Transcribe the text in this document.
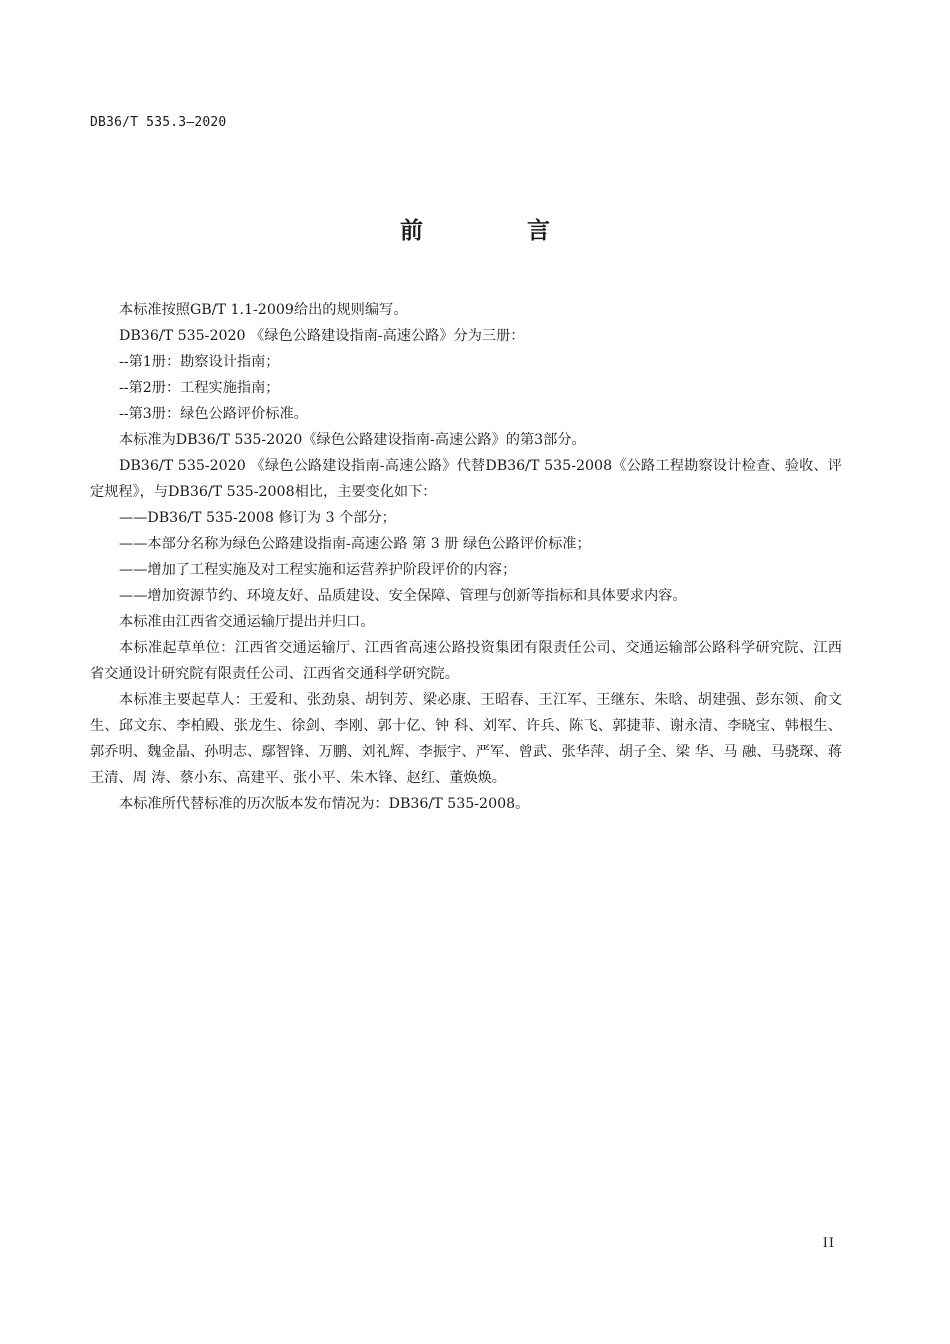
DB36/T 535.3—2020
前 言

本标准按照GB/T 1.1-2009给出的规则编写。

DB36/T 535-2020 《绿色公路建设指南-高速公路》分为三册：

--第1册：勘察设计指南；

--第2册：工程实施指南；

--第3册：绿色公路评价标准。

本标准为DB36/T 535-2020《绿色公路建设指南-高速公路》的第3部分。

DB36/T 535-2020 《绿色公路建设指南-高速公路》代替DB36/T 535-2008《公路工程勘察设计检查、验收、评定规程》，与DB36/T 535-2008相比，主要变化如下：

——DB36/T 535-2008 修订为 3 个部分；

——本部分名称为绿色公路建设指南-高速公路 第 3 册 绿色公路评价标准；

——增加了工程实施及对工程实施和运营养护阶段评价的内容；

——增加资源节约、环境友好、品质建设、安全保障、管理与创新等指标和具体要求内容。

本标准由江西省交通运输厅提出并归口。

本标准起草单位：江西省交通运输厅、江西省高速公路投资集团有限责任公司、交通运输部公路科学研究院、江西省交通设计研究院有限责任公司、江西省交通科学研究院。

本标准主要起草人：王爱和、张劲泉、胡钊芳、梁必康、王昭春、王江军、王继东、朱晗、胡建强、彭东领、俞文生、邱文东、李柏殿、张龙生、徐剑、李刚、郭十亿、钟 科、刘军、许兵、陈飞、郭捷菲、谢永清、李晓宝、韩根生、郭乔明、魏金晶、孙明志、鄢智锋、万鹏、刘礼辉、李振宇、严军、曾武、张华萍、胡子全、梁 华、马 融、马骁琛、蒋王清、周 涛、蔡小东、高建平、张小平、朱木锋、赵红、董焕焕。

本标准所代替标准的历次版本发布情况为：DB36/T 535-2008。

II
